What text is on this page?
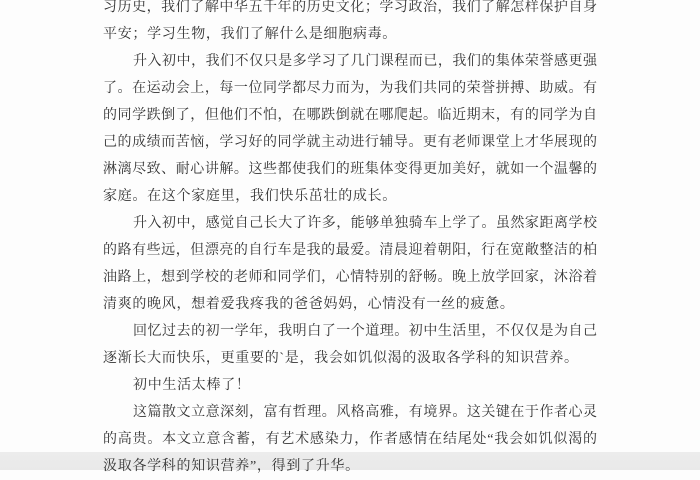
习历史，我们了解中华五千年的历史文化；学习政治，我们了解怎样保护自身
平安；学习生物，我们了解什么是细胞病毒。
升入初中，我们不仅只是多学习了几门课程而已，我们的集体荣誉感更强
了。在运动会上，每一位同学都尽力而为，为我们共同的荣誉拼搏、助威。有
的同学跌倒了，但他们不怕，在哪跌倒就在哪爬起。临近期末，有的同学为自
己的成绩而苦恼，学习好的同学就主动进行辅导。更有老师课堂上才华展现的
淋漓尽致、耐心讲解。这些都使我们的班集体变得更加美好，就如一个温馨的
家庭。在这个家庭里，我们快乐茁壮的成长。
升入初中，感觉自己长大了许多，能够单独骑车上学了。虽然家距离学校
的路有些远，但漂亮的自行车是我的最爱。清晨迎着朝阳，行在宽敞整洁的柏
油路上，想到学校的老师和同学们，心情特别的舒畅。晚上放学回家，沐浴着
清爽的晚风，想着爱我疼我的爸爸妈妈，心情没有一丝的疲惫。
回忆过去的初一学年，我明白了一个道理。初中生活里，不仅仅是为自己
逐渐长大而快乐，更重要的`是，我会如饥似渴的汲取各学科的知识营养。
初中生活太棒了！
这篇散文立意深刻，富有哲理。风格高雅，有境界。这关键在于作者心灵
的高贵。本文立意含蓄，有艺术感染力，作者感情在结尾处“我会如饥似渴的
汲取各学科的知识营养”，得到了升华。
